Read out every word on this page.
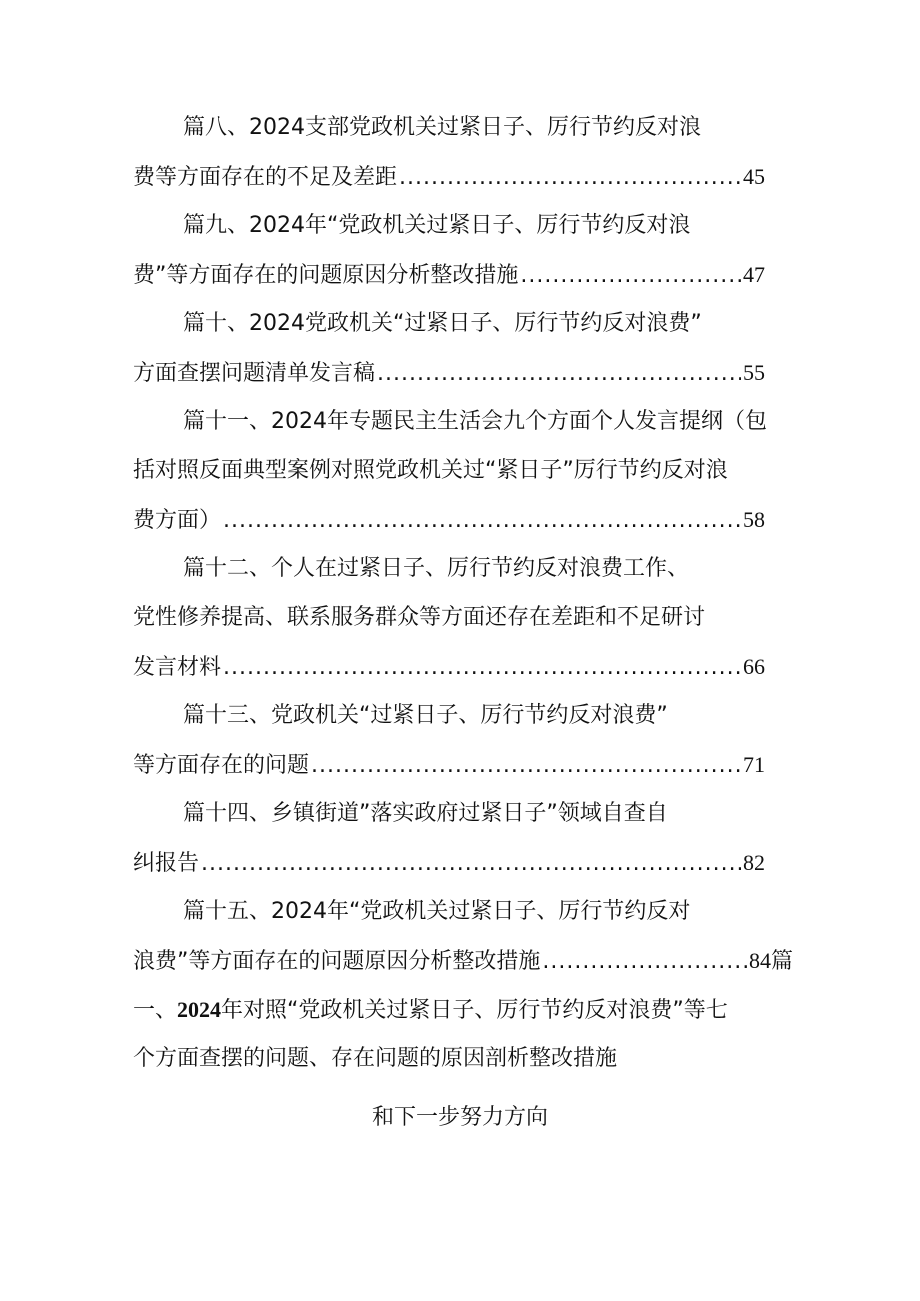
篇八、2024支部党政机关过紧日子、厉行节约反对浪
费等方面存在的不足及差距 .....	45
篇九、2024年“党政机关过紧日子、厉行节约反对浪
费”等方面存在的问题原因分析整改措施 .....	47
篇十、2024党政机关“过紧日子、厉行节约反对浪费”
方面查摆问题清单发言稿 .....	55
篇十一、2024年专题民主生活会九个方面个人发言提纲（包
括对照反面典型案例对照党政机关过“紧日子”厉行节约反对浪
费方面） .....	58
篇十二、个人在过紧日子、厉行节约反对浪费工作、
党性修养提高、联系服务群众等方面还存在差距和不足研讨
发言材料 .....	66
篇十三、党政机关“过紧日子、厉行节约反对浪费”
等方面存在的问题 .....	71
篇十四、乡镇街道”落实政府过紧日子”领域自查自
纠报告 .....	82
篇十五、2024年“党政机关过紧日子、厉行节约反对
浪费”等方面存在的问题原因分析整改措施 .....	84 篇
一、2024年对照“党政机关过紧日子、厉行节约反对浪费”等七
个方面查摆的问题、存在问题的原因剖析整改措施
和下一步努力方向
